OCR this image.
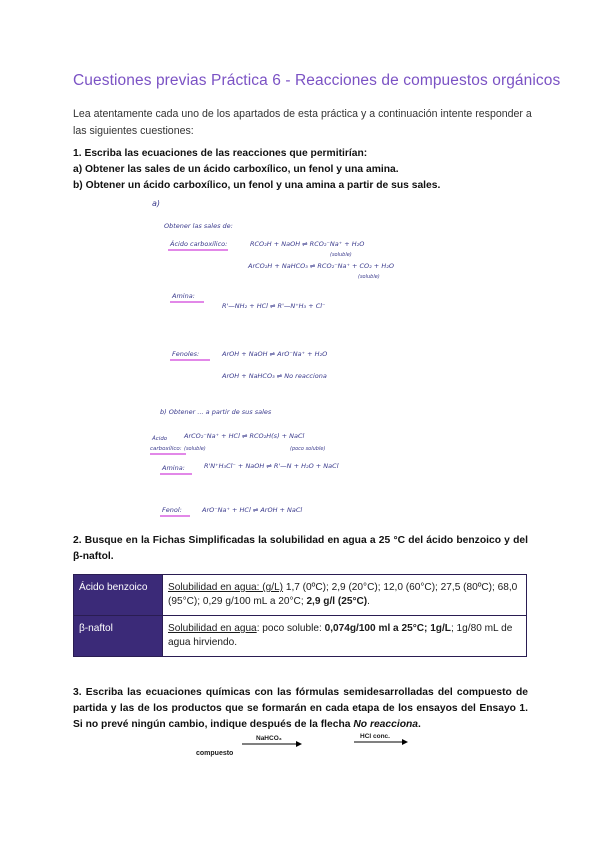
Cuestiones previas Práctica 6 - Reacciones de compuestos orgánicos
Lea atentamente cada uno de los apartados de esta práctica y a continuación intente responder a las siguientes cuestiones:
1. Escriba las ecuaciones de las reacciones que permitirían:
a) Obtener las sales de un ácido carboxílico, un fenol y una amina.
b) Obtener un ácido carboxílico, un fenol y una amina a partir de sus sales.
a)
Obtener las sales de:
Ácido carboxílico:	RCO₂H + NaOH ⇌ RCO₂⁻Na⁺ + H₂O
(soluble)
ArCO₂H + NaHCO₃ ⇌ RCO₂⁻Na⁺ + CO₂ + H₂O
(soluble)
Amina:
R'—NH₂ + HCl ⇌ R'—N⁺H₃ + Cl⁻
Fenoles:	ArOH + NaOH ⇌ ArO⁻Na⁺ + H₂O
ArOH + NaHCO₃ ⇌ No reacciona
b) Obtener ... a partir de sus sales
Ácido
carboxílico:
ArCO₂⁻Na⁺ + HCl ⇌ RCO₂H(s) + NaCl
(soluble)	(poco soluble)
Amina:	R'N⁺H₃Cl⁻ + NaOH ⇌ R'—N + H₂O + NaCl
Fenol:	ArO⁻Na⁺ + HCl ⇌ ArOH + NaCl
2. Busque en la Fichas Simplificadas la solubilidad en agua a 25 °C del ácido benzoico y del β-naftol.
Ácido benzoico	Solubilidad en agua: (g/L) 1,7 (0ºC); 2,9 (20°C); 12,0 (60°C); 27,5 (80ºC); 68,0 (95°C); 0,29 g/100 mL a 20°C; 2,9 g/l (25°C).
β-naftol	Solubilidad en agua: poco soluble: 0,074g/100 ml a 25°C; 1g/L; 1g/80 mL de agua hirviendo.
3. Escriba las ecuaciones químicas con las fórmulas semidesarrolladas del compuesto de partida y las de los productos que se formarán en cada etapa de los ensayos del Ensayo 1. Si no prevé ningún cambio, indique después de la flecha No reacciona.
compuesto
NaHCO₃	HCl conc.
